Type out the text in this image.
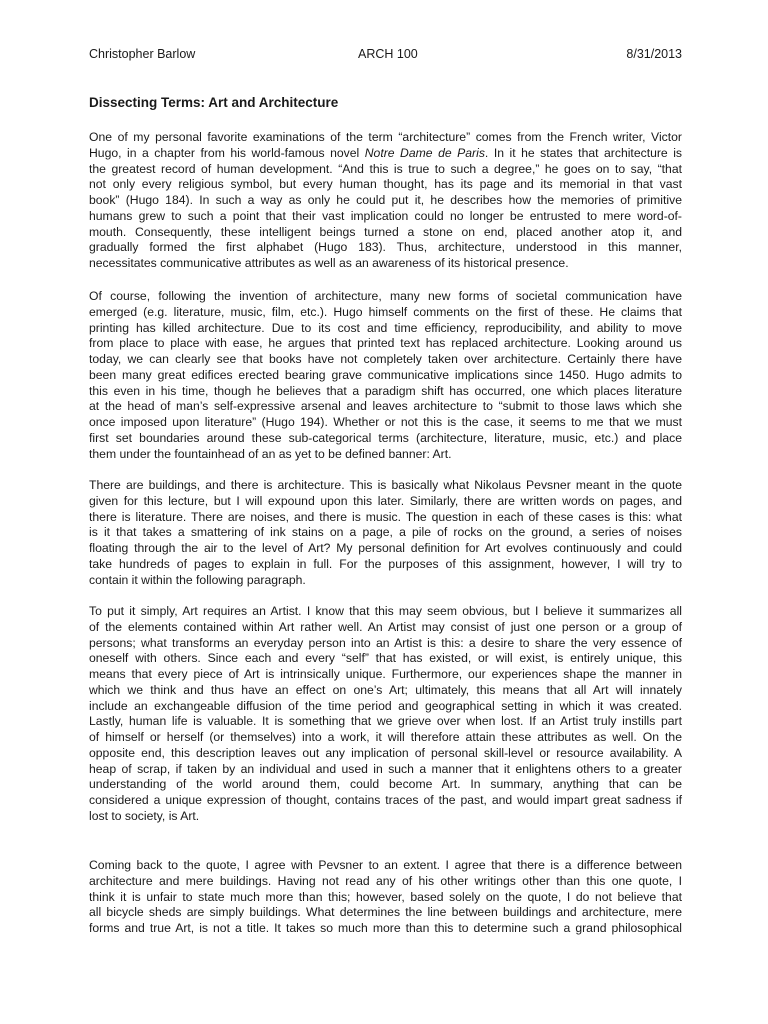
Christopher Barlow	ARCH 100	8/31/2013
Dissecting Terms: Art and Architecture
One of my personal favorite examinations of the term “architecture” comes from the French writer, Victor
Hugo, in a chapter from his world-famous novel Notre Dame de Paris. In it he states that architecture is
the greatest record of human development. “And this is true to such a degree,” he goes on to say, “that
not only every religious symbol, but every human thought, has its page and its memorial in that vast
book” (Hugo 184). In such a way as only he could put it, he describes how the memories of primitive
humans grew to such a point that their vast implication could no longer be entrusted to mere word-of-
mouth. Consequently, these intelligent beings turned a stone on end, placed another atop it, and
gradually formed the first alphabet (Hugo 183). Thus, architecture, understood in this manner,
necessitates communicative attributes as well as an awareness of its historical presence.
Of course, following the invention of architecture, many new forms of societal communication have
emerged (e.g. literature, music, film, etc.). Hugo himself comments on the first of these. He claims that
printing has killed architecture. Due to its cost and time efficiency, reproducibility, and ability to move
from place to place with ease, he argues that printed text has replaced architecture. Looking around us
today, we can clearly see that books have not completely taken over architecture. Certainly there have
been many great edifices erected bearing grave communicative implications since 1450. Hugo admits to
this even in his time, though he believes that a paradigm shift has occurred, one which places literature
at the head of man’s self-expressive arsenal and leaves architecture to “submit to those laws which she
once imposed upon literature” (Hugo 194). Whether or not this is the case, it seems to me that we must
first set boundaries around these sub-categorical terms (architecture, literature, music, etc.) and place
them under the fountainhead of an as yet to be defined banner: Art.
There are buildings, and there is architecture. This is basically what Nikolaus Pevsner meant in the quote
given for this lecture, but I will expound upon this later. Similarly, there are written words on pages, and
there is literature. There are noises, and there is music. The question in each of these cases is this: what
is it that takes a smattering of ink stains on a page, a pile of rocks on the ground, a series of noises
floating through the air to the level of Art? My personal definition for Art evolves continuously and could
take hundreds of pages to explain in full. For the purposes of this assignment, however, I will try to
contain it within the following paragraph.
To put it simply, Art requires an Artist. I know that this may seem obvious, but I believe it summarizes all
of the elements contained within Art rather well. An Artist may consist of just one person or a group of
persons; what transforms an everyday person into an Artist is this: a desire to share the very essence of
oneself with others. Since each and every “self” that has existed, or will exist, is entirely unique, this
means that every piece of Art is intrinsically unique. Furthermore, our experiences shape the manner in
which we think and thus have an effect on one’s Art; ultimately, this means that all Art will innately
include an exchangeable diffusion of the time period and geographical setting in which it was created.
Lastly, human life is valuable. It is something that we grieve over when lost. If an Artist truly instills part
of himself or herself (or themselves) into a work, it will therefore attain these attributes as well. On the
opposite end, this description leaves out any implication of personal skill-level or resource availability. A
heap of scrap, if taken by an individual and used in such a manner that it enlightens others to a greater
understanding of the world around them, could become Art. In summary, anything that can be
considered a unique expression of thought, contains traces of the past, and would impart great sadness if
lost to society, is Art.
Coming back to the quote, I agree with Pevsner to an extent. I agree that there is a difference between
architecture and mere buildings. Having not read any of his other writings other than this one quote, I
think it is unfair to state much more than this; however, based solely on the quote, I do not believe that
all bicycle sheds are simply buildings. What determines the line between buildings and architecture, mere
forms and true Art, is not a title. It takes so much more than this to determine such a grand philosophical
